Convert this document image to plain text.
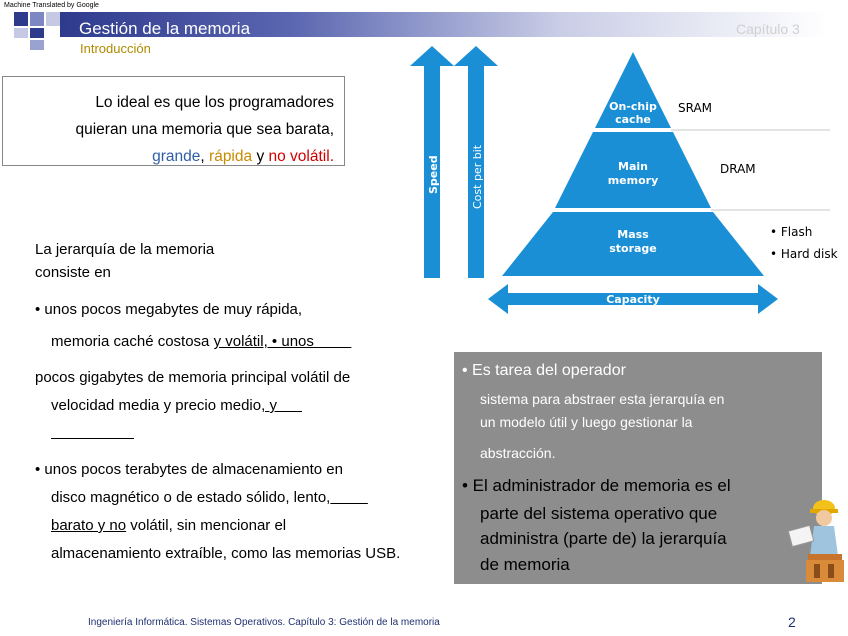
Machine Translated by Google
Gestión de la memoria	Capítulo 3
Introducción
Lo ideal es que los programadores
quieran una memoria que sea barata,
grande, rápida y no volátil.
La jerarquía de la memoria
consiste en
• unos pocos megabytes de muy rápida,
memoria caché costosa y volátil, • unos
pocos gigabytes de memoria principal volátil de
velocidad media y precio medio, y
• unos pocos terabytes de almacenamiento en
disco magnético o de estado sólido, lento,
barato y no volátil, sin mencionar el
almacenamiento extraíble, como las memorias USB.
Speed	Cost per bit
On-chip
cache
Main
memory
Mass
storage
SRAM
DRAM
• Flash
• Hard disk
Capacity
• Es tarea del operador
sistema para abstraer esta jerarquía en
un modelo útil y luego gestionar la
abstracción.
• El administrador de memoria es el
parte del sistema operativo que
administra (parte de) la jerarquía
de memoria
Ingeniería Informática. Sistemas Operativos. Capítulo 3: Gestión de la memoria	2
